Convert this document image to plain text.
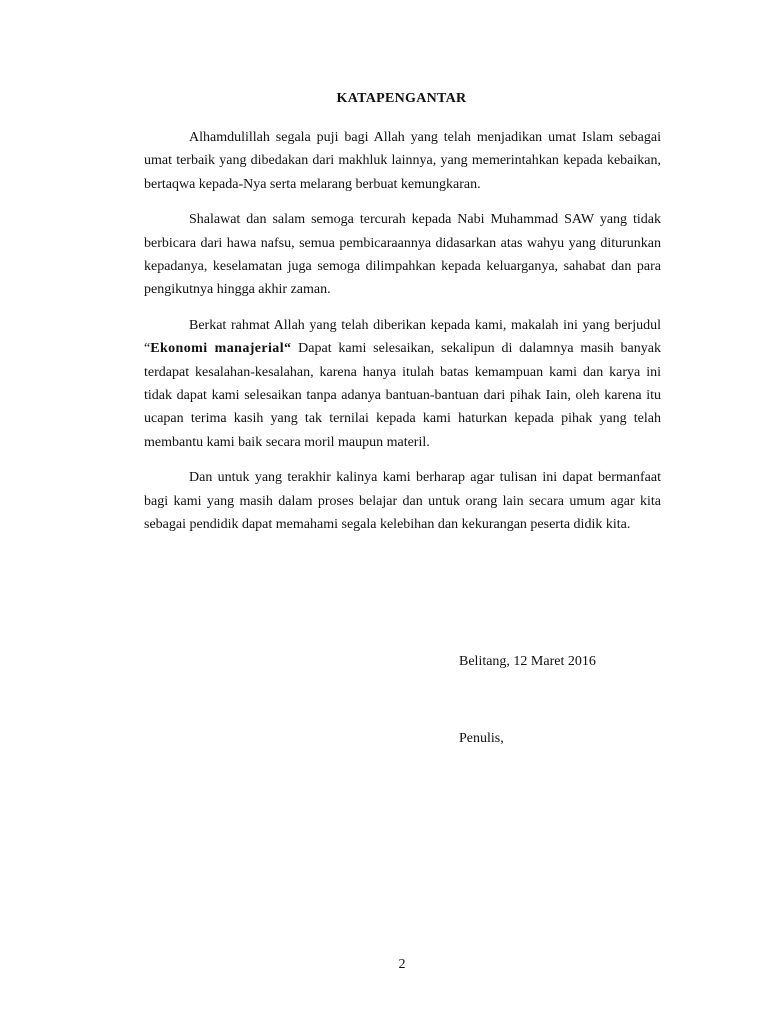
KATAPENGANTAR

Alhamdulillah segala puji bagi Allah yang telah menjadikan umat Islam sebagai umat terbaik yang dibedakan dari makhluk lainnya, yang memerintahkan kepada kebaikan, bertaqwa kepada-Nya serta melarang berbuat kemungkaran.

Shalawat dan salam semoga tercurah kepada Nabi Muhammad SAW yang tidak berbicara dari hawa nafsu, semua pembicaraannya didasarkan atas wahyu yang diturunkan kepadanya, keselamatan juga semoga dilimpahkan kepada keluarganya, sahabat dan para pengikutnya hingga akhir zaman.

Berkat rahmat Allah yang telah diberikan kepada kami, makalah ini yang berjudul “Ekonomi manajerial“ Dapat kami selesaikan, sekalipun di dalamnya masih banyak terdapat kesalahan-kesalahan, karena hanya itulah batas kemampuan kami dan karya ini tidak dapat kami selesaikan tanpa adanya bantuan-bantuan dari pihak Iain, oleh karena itu ucapan terima kasih yang tak ternilai kepada kami haturkan kepada pihak yang telah membantu kami baik secara moril maupun materil.

Dan untuk yang terakhir kalinya kami berharap agar tulisan ini dapat bermanfaat bagi kami yang masih dalam proses belajar dan untuk orang lain secara umum agar kita sebagai pendidik dapat memahami segala kelebihan dan kekurangan peserta didik kita.

Belitang, 12 Maret 2016
Penulis,
2
